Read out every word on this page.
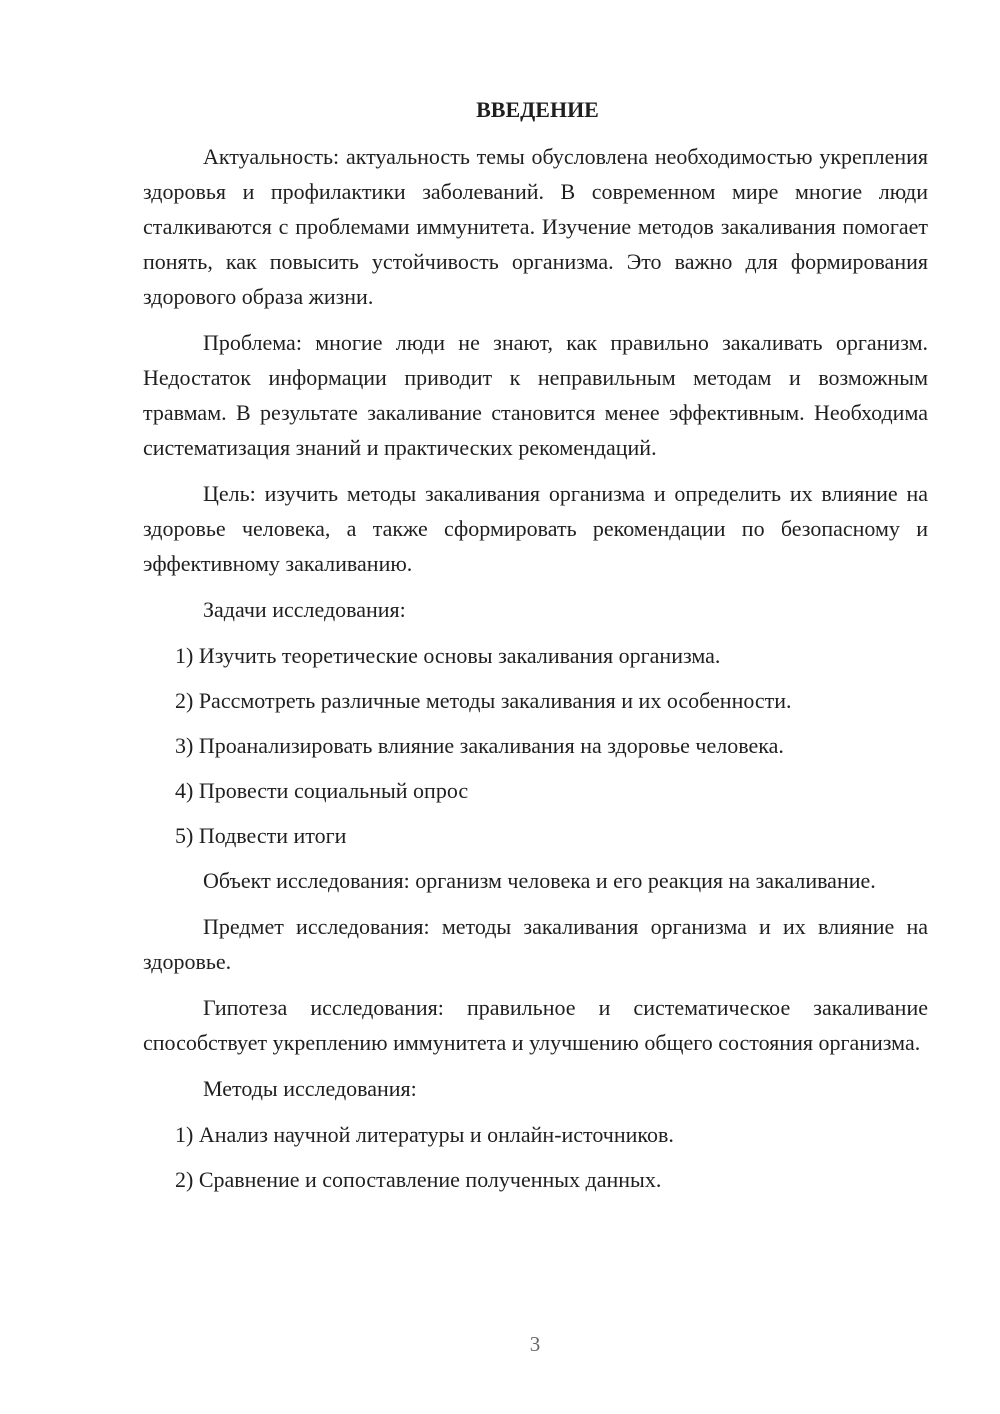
ВВЕДЕНИЕ

Актуальность: актуальность темы обусловлена необходимостью укрепления здоровья и профилактики заболеваний. В современном мире многие люди сталкиваются с проблемами иммунитета. Изучение методов закаливания помогает понять, как повысить устойчивость организма. Это важно для формирования здорового образа жизни.

Проблема: многие люди не знают, как правильно закаливать организм. Недостаток информации приводит к неправильным методам и возможным травмам. В результате закаливание становится менее эффективным. Необходима систематизация знаний и практических рекомендаций.

Цель: изучить методы закаливания организма и определить их влияние на здоровье человека, а также сформировать рекомендации по безопасному и эффективному закаливанию.

Задачи исследования:

1) Изучить теоретические основы закаливания организма.
2) Рассмотреть различные методы закаливания и их особенности.
3) Проанализировать влияние закаливания на здоровье человека.
4) Провести социальный опрос
5) Подвести итоги

Объект исследования: организм человека и его реакция на закаливание.

Предмет исследования: методы закаливания организма и их влияние на здоровье.

Гипотеза исследования: правильное и систематическое закаливание способствует укреплению иммунитета и улучшению общего состояния организма.

Методы исследования:

1) Анализ научной литературы и онлайн-источников.
2) Сравнение и сопоставление полученных данных.
3
